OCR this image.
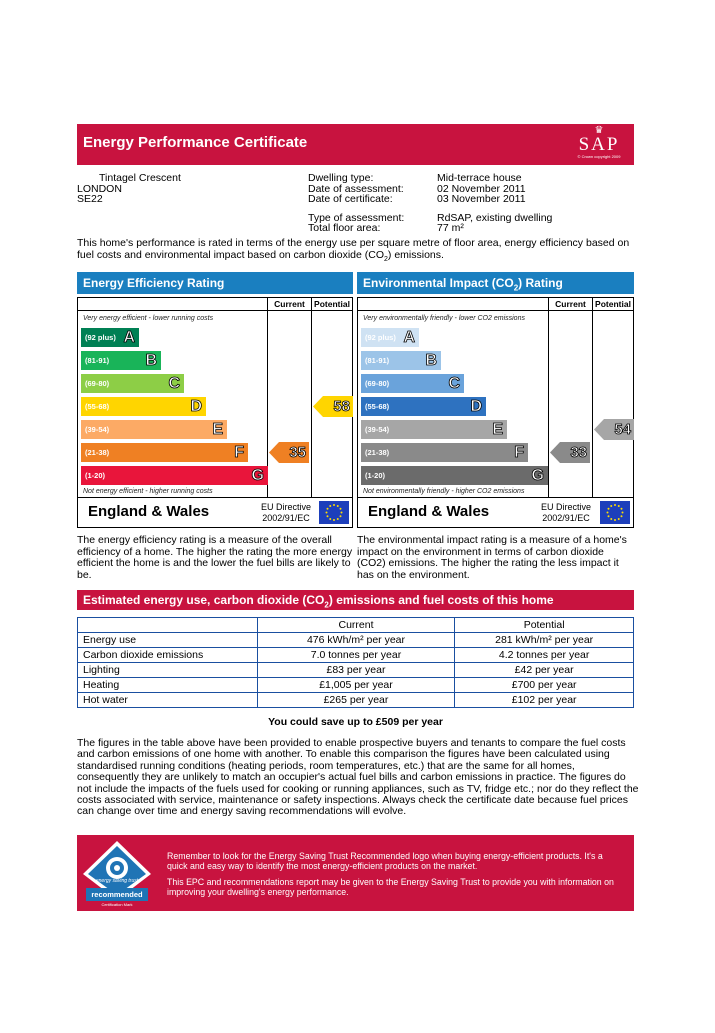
Energy Performance Certificate
♛
SAP
© Crown copyright 2009
Tintagel Crescent
LONDON
SE22
Dwelling type:	Mid-terrace house
Date of assessment:	02 November 2011
Date of certificate:	03 November 2011
Type of assessment:	RdSAP, existing dwelling
Total floor area:	77 m²
This home's performance is rated in terms of the energy use per square metre of floor area, energy efficiency based on fuel costs and environmental impact based on carbon dioxide $(CO_2)$ emissions.
Energy Efficiency Rating
Current	Potential
Very energy efficient - lower running costs
Not energy efficient - higher running costs
(92 plus) A
(81-91) B
(69-80)	C
(55-68)	D
(39-54)	E
(21-38)	F
(1-20)	G
35
58
England & Wales	EU Directive
2002/91/EC
The energy efficiency rating is a measure of the overall efficiency of a home. The higher the rating the more energy efficient the home is and the lower the fuel bills are likely to be.
Environmental Impact $(CO_2)$ Rating
Current	Potential
Very environmentally friendly - lower CO2 emissions
Not environmentally friendly - higher CO2 emissions
(92 plus) A
(81-91) B
(69-80)	C
(55-68)	D
(39-54)	E
(21-38)	F
(1-20)	G
33
54
England & Wales	EU Directive
2002/91/EC
The environmental impact rating is a measure of a home's impact on the environment in terms of carbon dioxide (CO2) emissions. The higher the rating the less impact it has on the environment.
Estimated energy use, carbon dioxide $(CO_2)$ emissions and fuel costs of this home
	Current	Potential
Energy use	476 kWh/m² per year	281 kWh/m² per year
Carbon dioxide emissions	7.0 tonnes per year	4.2 tonnes per year
Lighting	£83 per year	£42 per year
Heating	£1,005 per year	£700 per year
Hot water	£265 per year	£102 per year
You could save up to £509 per year
The figures in the table above have been provided to enable prospective buyers and tenants to compare the fuel costs and carbon emissions of one home with another. To enable this comparison the figures have been calculated using standardised running conditions (heating periods, room temperatures, etc.) that are the same for all homes, consequently they are unlikely to match an occupier's actual fuel bills and carbon emissions in practice. The figures do not include the impacts of the fuels used for cooking or running appliances, such as TV, fridge etc.; nor do they reflect the costs associated with service, maintenance or safety inspections. Always check the certificate date because fuel prices can change over time and energy saving recommendations will evolve.
energy saving trust
recommended
Certification Mark
Remember to look for the Energy Saving Trust Recommended logo when buying energy-efficient products. It's a quick and easy way to identify the most energy-efficient products on the market.
This EPC and recommendations report may be given to the Energy Saving Trust to provide you with information on improving your dwelling's energy performance.
